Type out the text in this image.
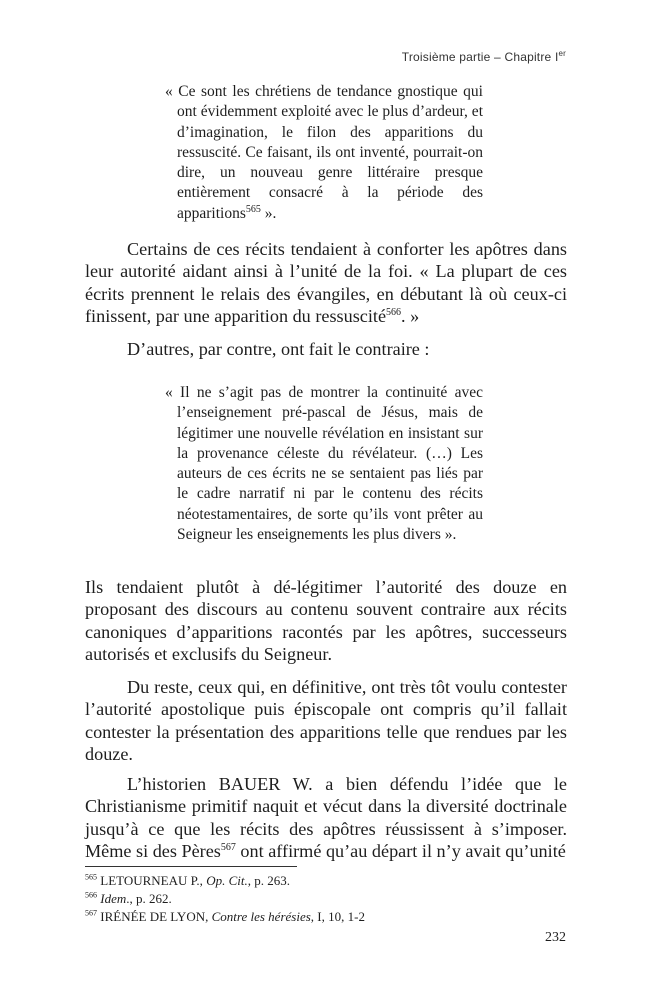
Troisième partie – Chapitre Ier

« Ce sont les chrétiens de tendance gnostique qui ont évidemment exploité avec le plus d’ardeur, et d’imagination, le filon des apparitions du ressuscité. Ce faisant, ils ont inventé, pourrait-on dire, un nouveau genre littéraire presque entièrement consacré à la période des apparitions$^{565}$ ».

Certains de ces récits tendaient à conforter les apôtres dans leur autorité aidant ainsi à l’unité de la foi. « La plupart de ces écrits prennent le relais des évangiles, en débutant là où ceux-ci finissent, par une apparition du ressuscité$^{566}$. »

D’autres, par contre, ont fait le contraire :

« Il ne s’agit pas de montrer la continuité avec l’enseignement pré-pascal de Jésus, mais de légitimer une nouvelle révélation en insistant sur la provenance céleste du révélateur. (…) Les auteurs de ces écrits ne se sentaient pas liés par le cadre narratif ni par le contenu des récits néotestamentaires, de sorte qu’ils vont prêter au Seigneur les enseignements les plus divers ».

Ils tendaient plutôt à dé-légitimer l’autorité des douze en proposant des discours au contenu souvent contraire aux récits canoniques d’apparitions racontés par les apôtres, successeurs autorisés et exclusifs du Seigneur.

Du reste, ceux qui, en définitive, ont très tôt voulu contester l’autorité apostolique puis épiscopale ont compris qu’il fallait contester la présentation des apparitions telle que rendues par les douze.

L’historien BAUER W. a bien défendu l’idée que le Christianisme primitif naquit et vécut dans la diversité doctrinale jusqu’à ce que les récits des apôtres réussissent à s’imposer. Même si des Pères$^{567}$ ont affirmé qu’au départ il n’y avait qu’unité

$^{565}$ LETOURNEAU P., Op. Cit., p. 263.

$^{566}$ Idem., p. 262.

$^{567}$ IRÉNÉE DE LYON, Contre les hérésies, I, 10, 1-2

232
